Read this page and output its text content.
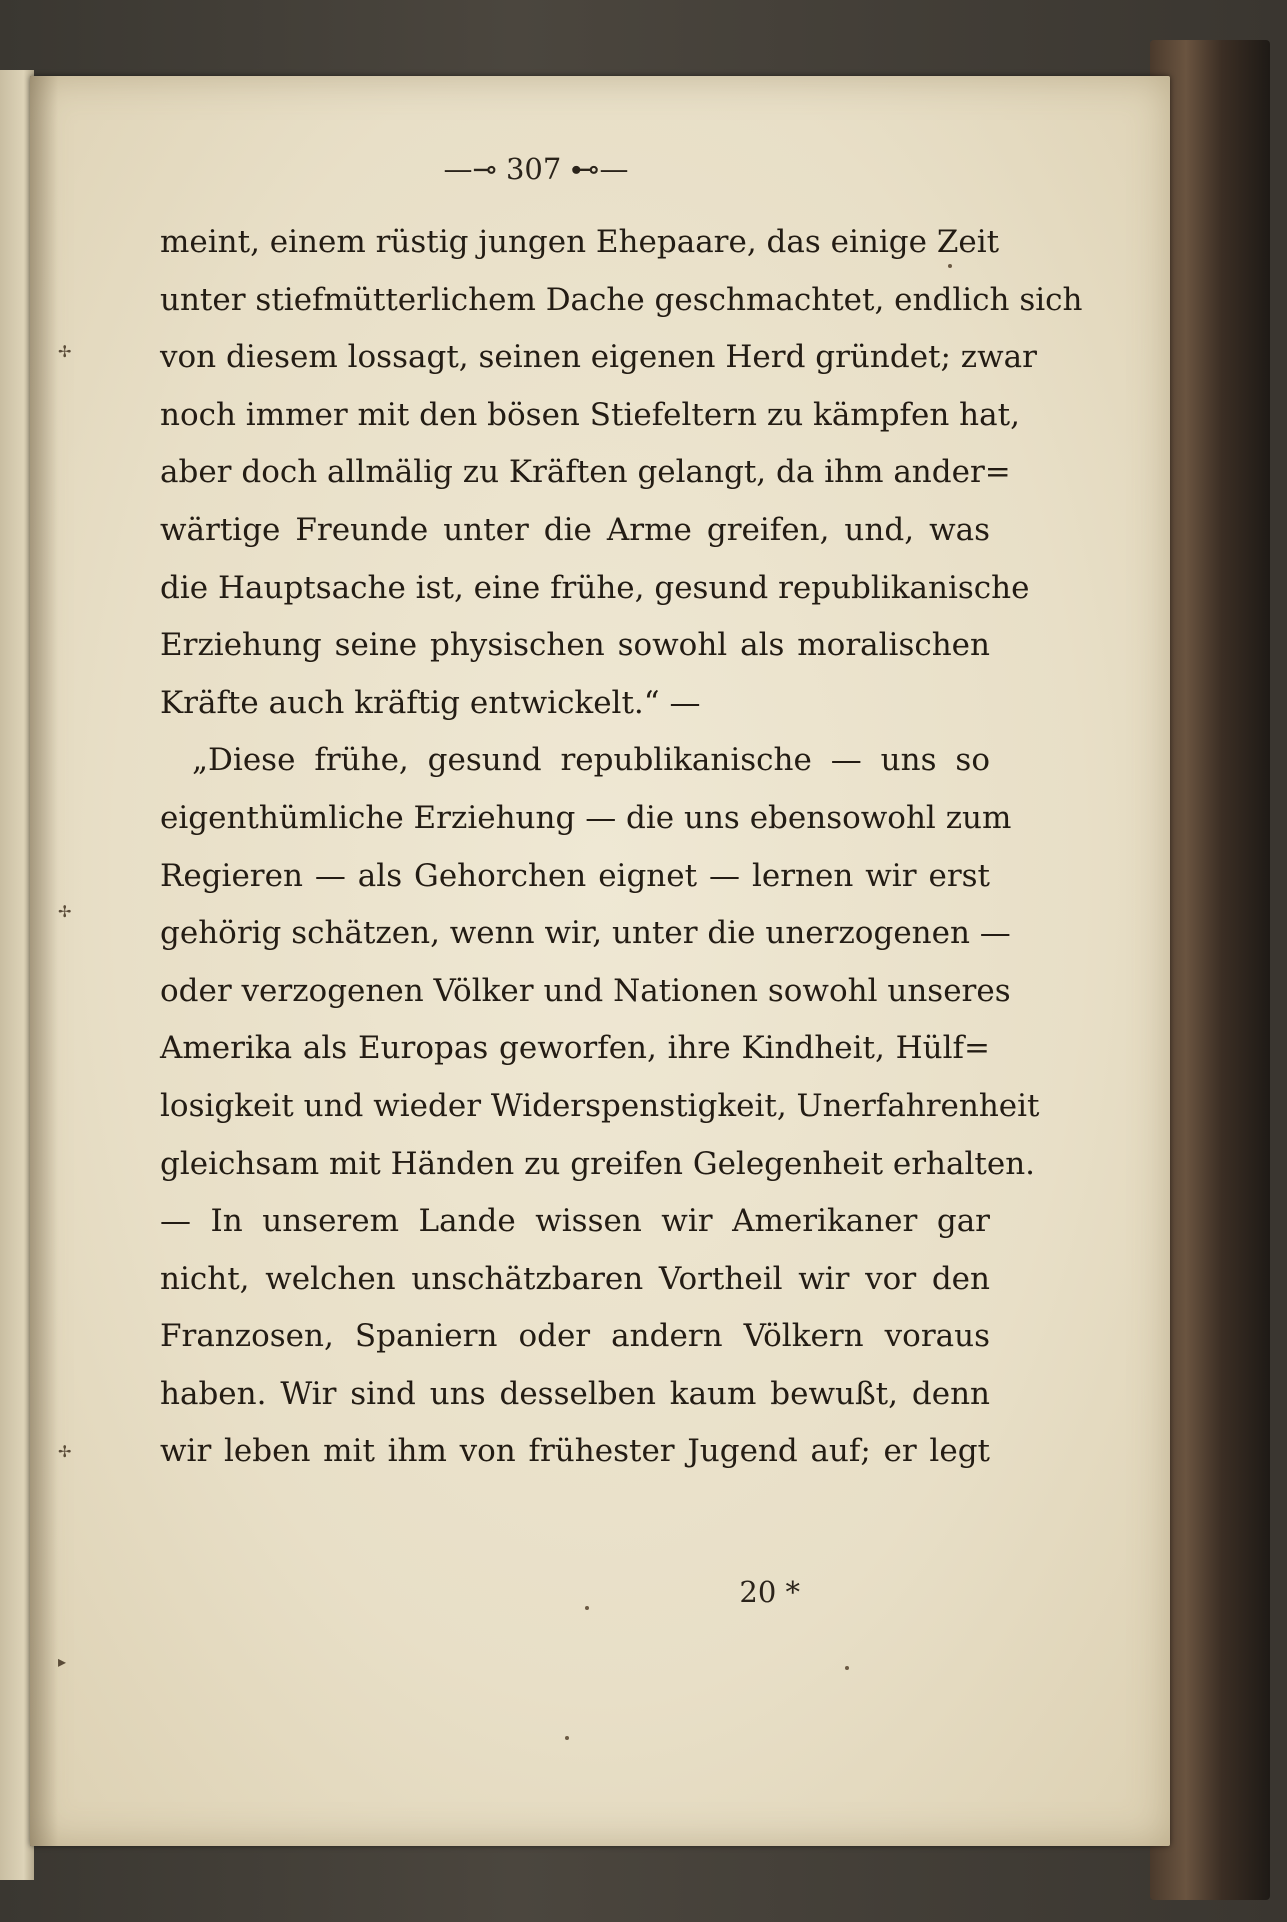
✢
✢
✢
▸
—⊸ 307 ⊷—
meint, einem rüstig jungen Ehepaare, das einige Zeit
unter stiefmütterlichem Dache geschmachtet, endlich sich
von diesem lossagt, seinen eigenen Herd gründet; zwar
noch immer mit den bösen Stiefeltern zu kämpfen hat,
aber doch allmälig zu Kräften gelangt, da ihm ander=
wärtige Freunde unter die Arme greifen, und, was
die Hauptsache ist, eine frühe, gesund republikanische
Erziehung seine physischen sowohl als moralischen
Kräfte auch kräftig entwickelt.“ —
„Diese frühe, gesund republikanische — uns so
eigenthümliche Erziehung — die uns ebensowohl zum
Regieren — als Gehorchen eignet — lernen wir erst
gehörig schätzen, wenn wir, unter die unerzogenen —
oder verzogenen Völker und Nationen sowohl unseres
Amerika als Europas geworfen, ihre Kindheit, Hülf=
losigkeit und wieder Widerspenstigkeit, Unerfahrenheit
gleichsam mit Händen zu greifen Gelegenheit erhalten.
— In unserem Lande wissen wir Amerikaner gar
nicht, welchen unschätzbaren Vortheil wir vor den
Franzosen, Spaniern oder andern Völkern voraus
haben. Wir sind uns desselben kaum bewußt, denn
wir leben mit ihm von frühester Jugend auf; er legt
20 *
